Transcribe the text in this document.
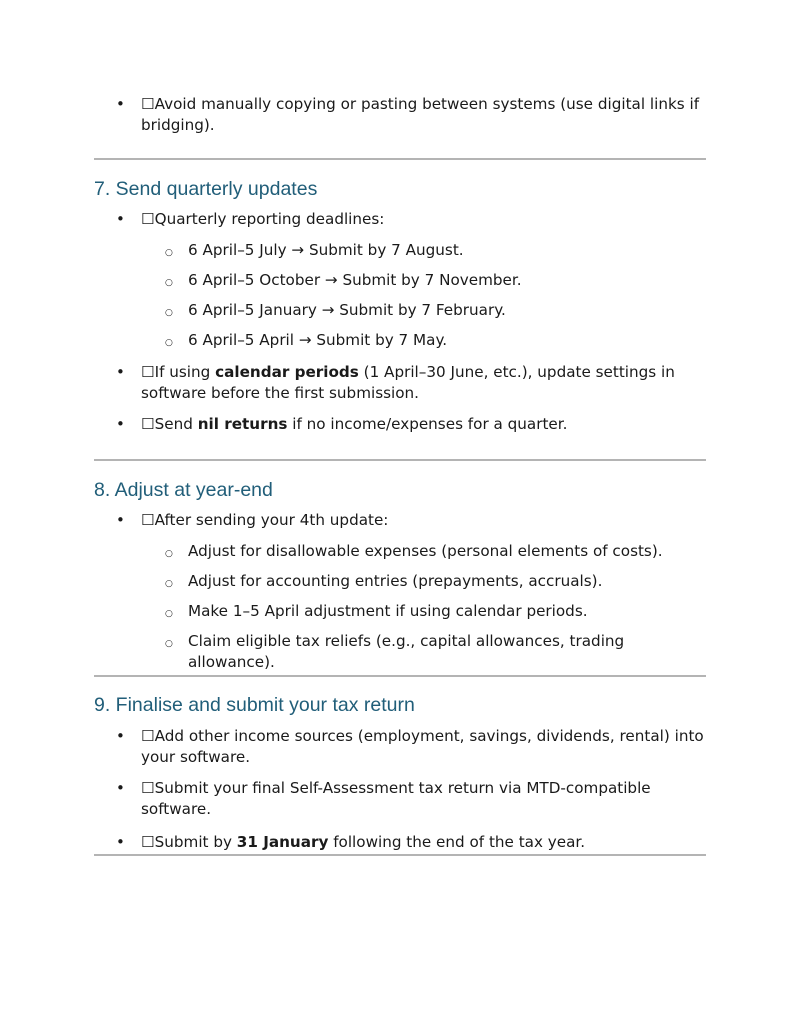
• ☐Avoid manually copying or pasting between systems (use digital links if bridging).
7. Send quarterly updates
• ☐Quarterly reporting deadlines:
○ 6 April–5 July → Submit by 7 August.
○ 6 April–5 October → Submit by 7 November.
○ 6 April–5 January → Submit by 7 February.
○ 6 April–5 April → Submit by 7 May.
• ☐If using calendar periods (1 April–30 June, etc.), update settings in software before the first submission.
• ☐Send nil returns if no income/expenses for a quarter.
8. Adjust at year-end
• ☐After sending your 4th update:
○ Adjust for disallowable expenses (personal elements of costs).
○ Adjust for accounting entries (prepayments, accruals).
○ Make 1–5 April adjustment if using calendar periods.
○ Claim eligible tax reliefs (e.g., capital allowances, trading allowance).
9. Finalise and submit your tax return
• ☐Add other income sources (employment, savings, dividends, rental) into your software.
• ☐Submit your final Self-Assessment tax return via MTD-compatible software.
• ☐Submit by 31 January following the end of the tax year.
